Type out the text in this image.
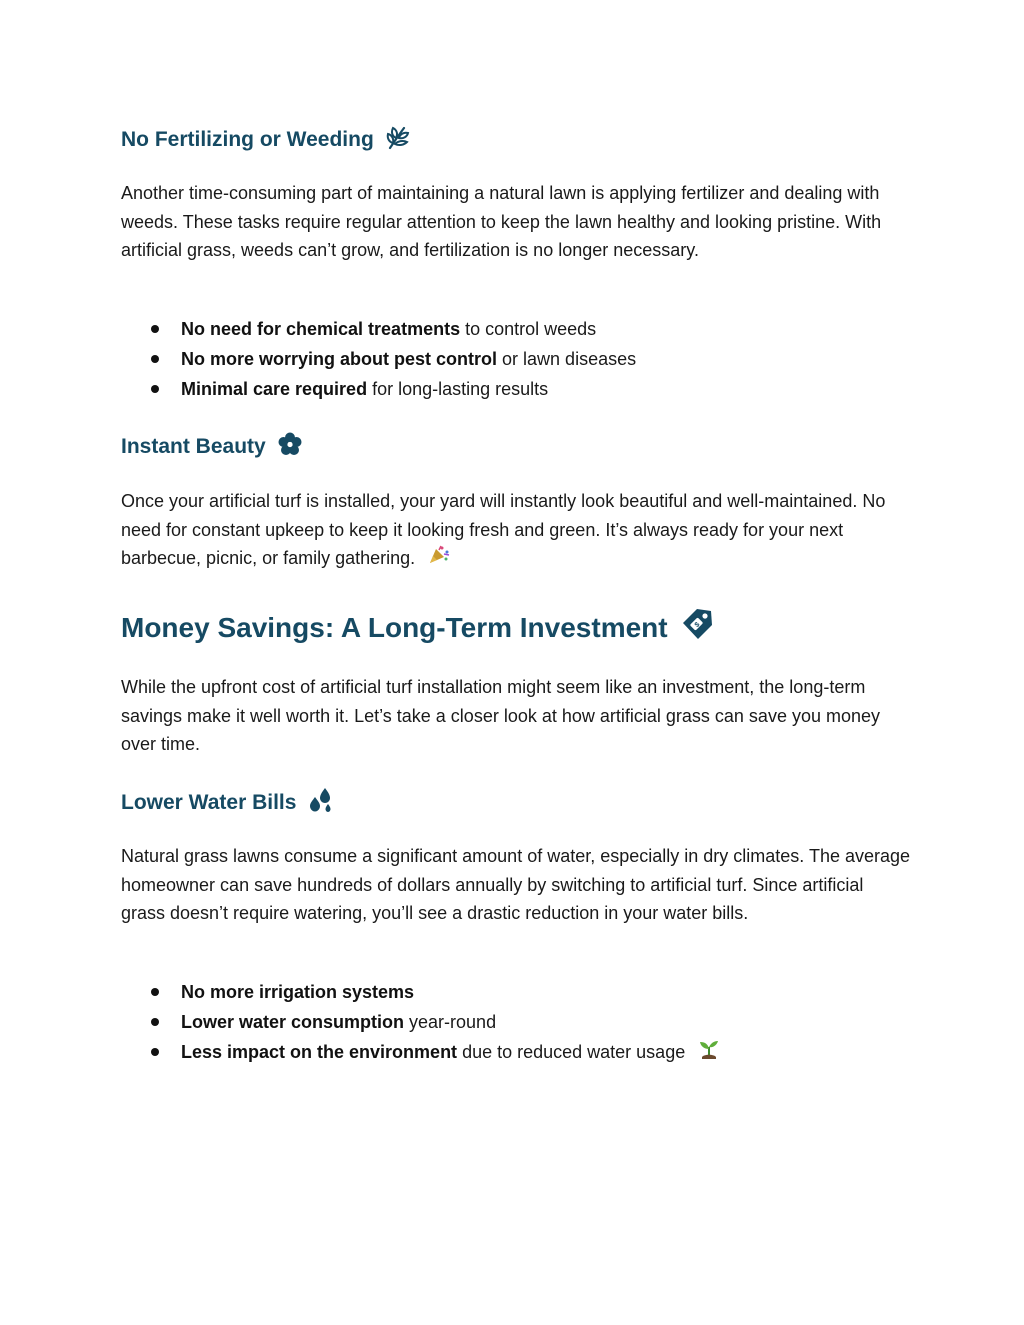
No Fertilizing or Weeding

Another time-consuming part of maintaining a natural lawn is applying fertilizer and dealing with weeds. These tasks require regular attention to keep the lawn healthy and looking pristine. With artificial grass, weeds can’t grow, and fertilization is no longer necessary.

No need for chemical treatments to control weeds
No more worrying about pest control or lawn diseases
Minimal care required for long-lasting results
Instant Beauty

Once your artificial turf is installed, your yard will instantly look beautiful and well-maintained. No need for constant upkeep to keep it looking fresh and green. It’s always ready for your next barbecue, picnic, or family gathering.

Money Savings: A Long-Term Investment	$

While the upfront cost of artificial turf installation might seem like an investment, the long-term savings make it well worth it. Let’s take a closer look at how artificial grass can save you money over time.

Lower Water Bills

Natural grass lawns consume a significant amount of water, especially in dry climates. The average homeowner can save hundreds of dollars annually by switching to artificial turf. Since artificial grass doesn’t require watering, you’ll see a drastic reduction in your water bills.

No more irrigation systems
Lower water consumption year-round
Less impact on the environment due to reduced water usage
